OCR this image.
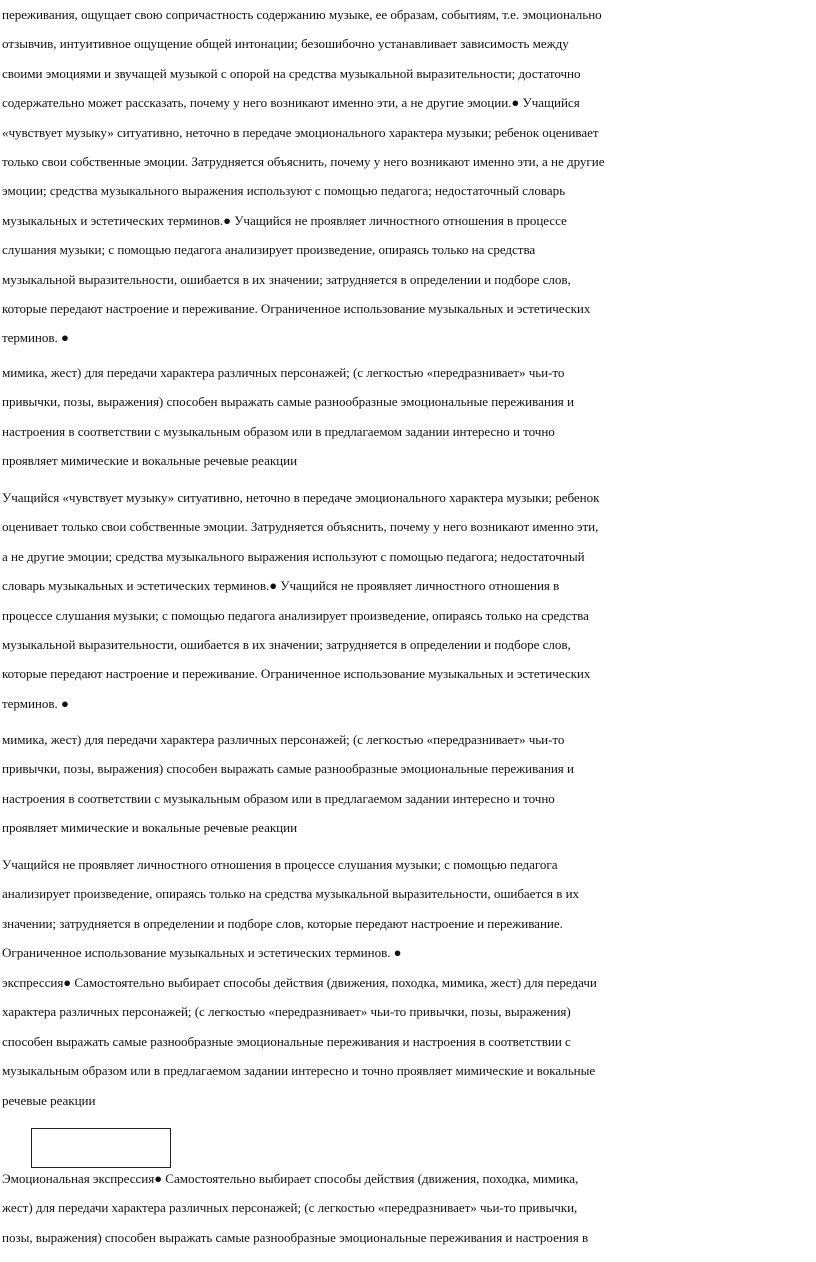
переживания, ощущает свою сопричастность содержанию музыке, ее образам, событиям, т.е. эмоционально
отзывчив, интуитивное ощущение общей интонации; безошибочно устанавливает зависимость между
своими эмоциями и звучащей музыкой с опорой на средства музыкальной выразительности; достаточно
содержательно может рассказать, почему у него возникают именно эти, а не другие эмоции.● Учащийся
«чувствует музыку» ситуативно, неточно в передаче эмоционального характера музыки; ребенок оценивает
только свои собственные эмоции. Затрудняется объяснить, почему у него возникают именно эти, а не другие
эмоции; средства музыкального выражения используют с помощью педагога; недостаточный словарь
музыкальных и эстетических терминов.● Учащийся не проявляет личностного отношения в процессе
слушания музыки; с помощью педагога анализирует произведение, опираясь только на средства
музыкальной выразительности, ошибается в их значении; затрудняется в определении и подборе слов,
которые передают настроение и переживание. Ограниченное использование музыкальных и эстетических
терминов. ●

мимика, жест) для передачи характера различных персонажей; (с легкостью «передразнивает» чьи-то
привычки, позы, выражения) способен выражать самые разнообразные эмоциональные переживания и
настроения в соответствии с музыкальным образом или в предлагаемом задании интересно и точно
проявляет мимические и вокальные речевые реакции

Учащийся «чувствует музыку» ситуативно, неточно в передаче эмоционального характера музыки; ребенок
оценивает только свои собственные эмоции. Затрудняется объяснить, почему у него возникают именно эти,
а не другие эмоции; средства музыкального выражения используют с помощью педагога; недостаточный
словарь музыкальных и эстетических терминов.● Учащийся не проявляет личностного отношения в
процессе слушания музыки; с помощью педагога анализирует произведение, опираясь только на средства
музыкальной выразительности, ошибается в их значении; затрудняется в определении и подборе слов,
которые передают настроение и переживание. Ограниченное использование музыкальных и эстетических
терминов. ●

мимика, жест) для передачи характера различных персонажей; (с легкостью «передразнивает» чьи-то
привычки, позы, выражения) способен выражать самые разнообразные эмоциональные переживания и
настроения в соответствии с музыкальным образом или в предлагаемом задании интересно и точно
проявляет мимические и вокальные речевые реакции

Учащийся не проявляет личностного отношения в процессе слушания музыки; с помощью педагога
анализирует произведение, опираясь только на средства музыкальной выразительности, ошибается в их
значении; затрудняется в определении и подборе слов, которые передают настроение и переживание.
Ограниченное использование музыкальных и эстетических терминов. ●

экспрессия● Самостоятельно выбирает способы действия (движения, походка, мимика, жест) для передачи
характера различных персонажей; (с легкостью «передразнивает» чьи-то привычки, позы, выражения)
способен выражать самые разнообразные эмоциональные переживания и настроения в соответствии с
музыкальным образом или в предлагаемом задании интересно и точно проявляет мимические и вокальные
речевые реакции

Эмоциональная экспрессия● Самостоятельно выбирает способы действия (движения, походка, мимика,
жест) для передачи характера различных персонажей; (с легкостью «передразнивает» чьи-то привычки,
позы, выражения) способен выражать самые разнообразные эмоциональные переживания и настроения в
